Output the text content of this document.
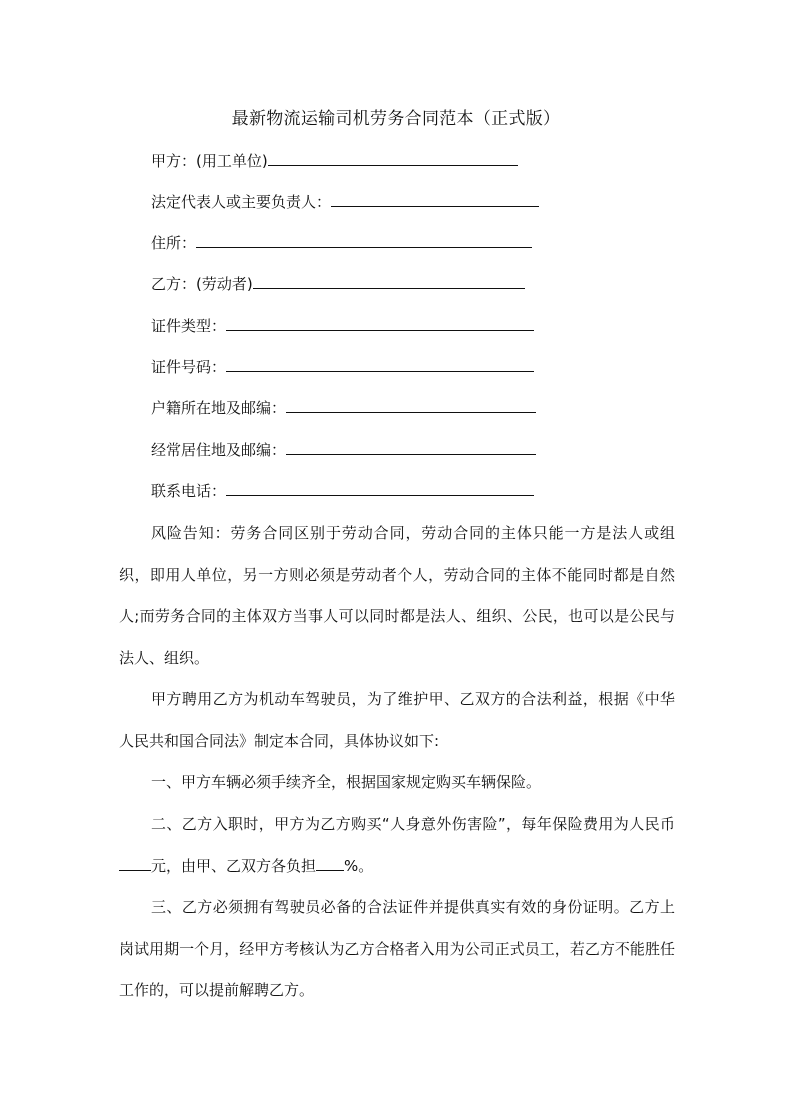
最新物流运输司机劳务合同范本（正式版）
甲方：(用工单位)
法定代表人或主要负责人：
住所：
乙方：(劳动者)
证件类型：
证件号码：
户籍所在地及邮编：
经常居住地及邮编：
联系电话：
风险告知：劳务合同区别于劳动合同，劳动合同的主体只能一方是法人或组织，即用人单位，另一方则必须是劳动者个人，劳动合同的主体不能同时都是自然人;而劳务合同的主体双方当事人可以同时都是法人、组织、公民，也可以是公民与法人、组织。
甲方聘用乙方为机动车驾驶员，为了维护甲、乙双方的合法利益，根据《中华人民共和国合同法》制定本合同，具体协议如下:
一、甲方车辆必须手续齐全，根据国家规定购买车辆保险。
二、乙方入职时，甲方为乙方购买“人身意外伤害险”，每年保险费用为人民币元，由甲、乙双方各负担 %。
三、乙方必须拥有驾驶员必备的合法证件并提供真实有效的身份证明。乙方上岗试用期一个月，经甲方考核认为乙方合格者入用为公司正式员工，若乙方不能胜任工作的，可以提前解聘乙方。
